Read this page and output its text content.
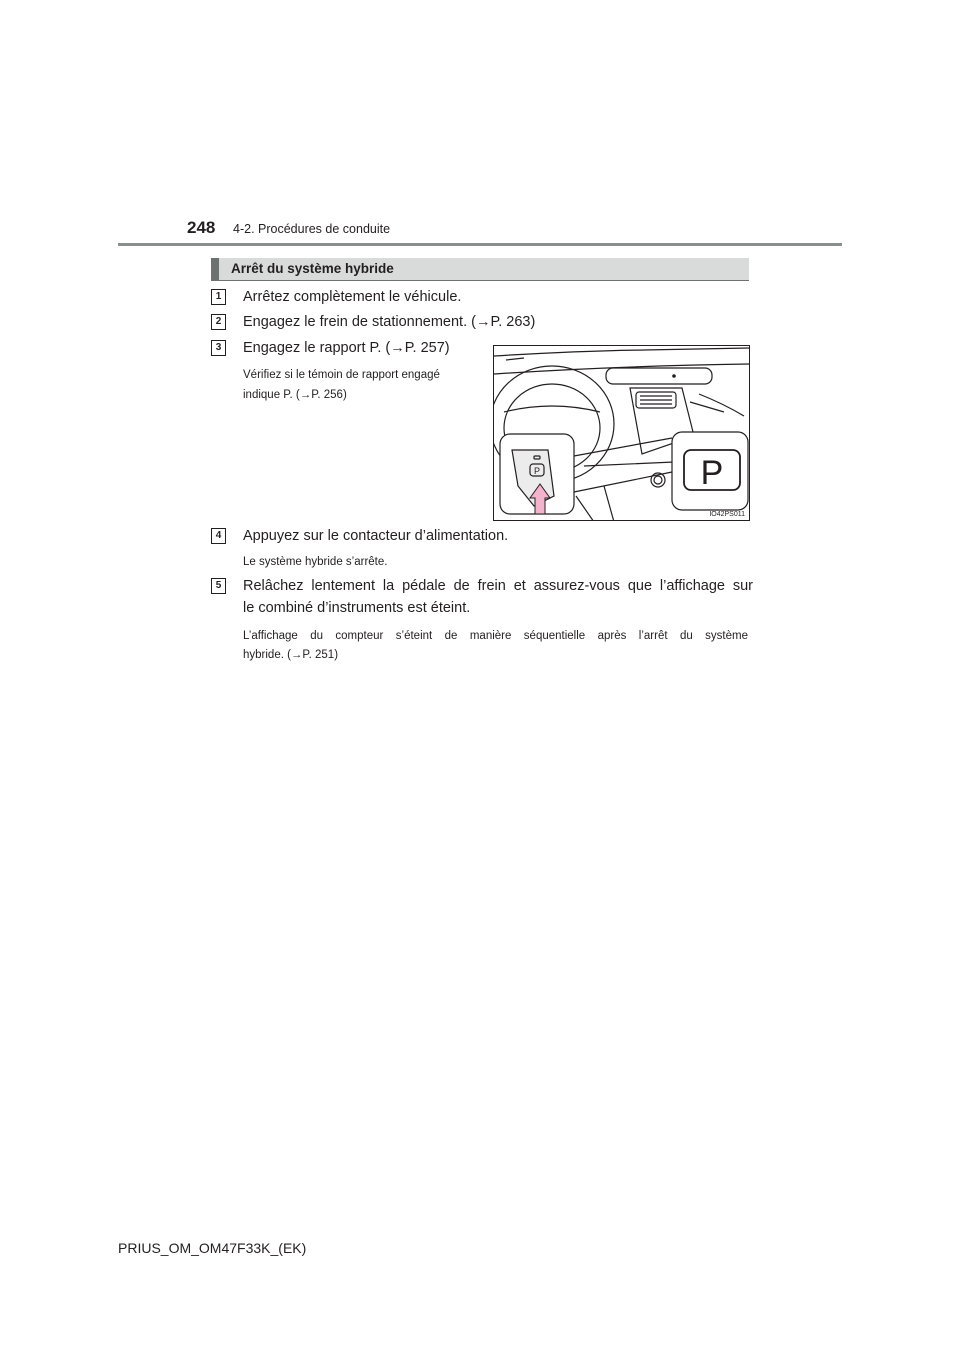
248 4-2. Procédures de conduite
Arrêt du système hybride
1	Arrêtez complètement le véhicule.
2	Engagez le frein de stationnement. (→P. 263)
3	Engagez le rapport P. (→P. 257)
Vérifiez si le témoin de rapport engagé
indique P. (→P. 256)
P	P
IO42PS011
4	Appuyez sur le contacteur d’alimentation.
Le système hybride s’arrête.
5	Relâchez lentement la pédale de frein et assurez-vous que l’affichage sur
le combiné d’instruments est éteint.
L’affichage du compteur s’éteint de manière séquentielle après l’arrêt du système
hybride. (→P. 251)
PRIUS_OM_OM47F33K_(EK)
